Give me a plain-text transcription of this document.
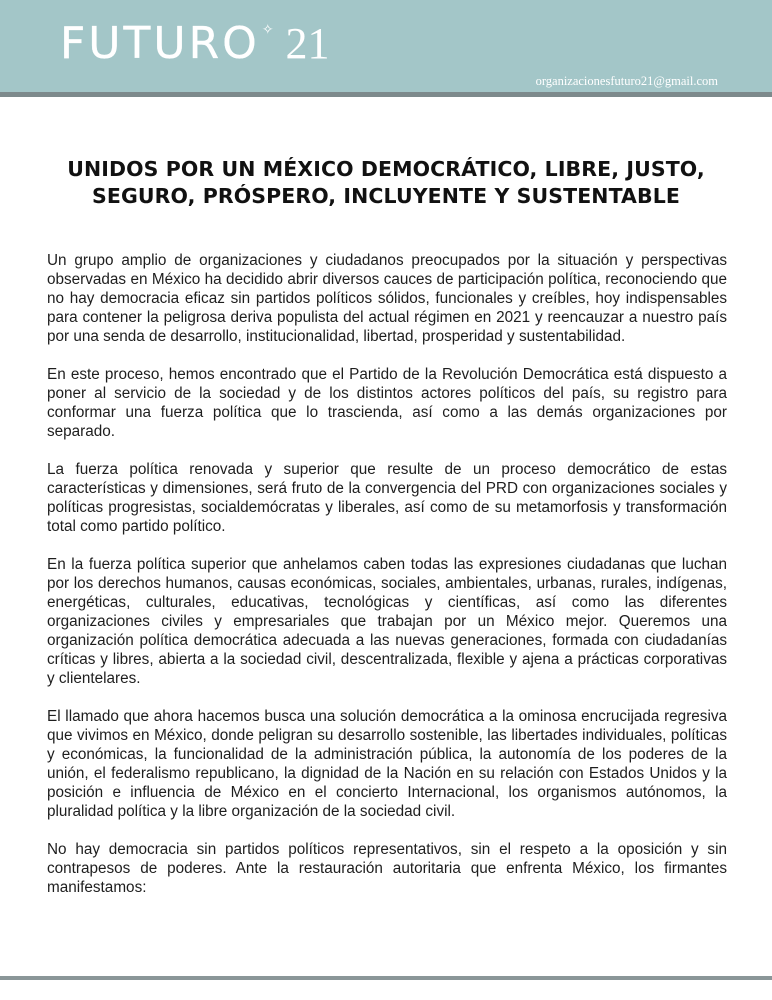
FUTURO ✧ 21
organizacionesfuturo21@gmail.com
UNIDOS POR UN MÉXICO DEMOCRÁTICO, LIBRE, JUSTO,
SEGURO, PRÓSPERO, INCLUYENTE Y SUSTENTABLE

Un grupo amplio de organizaciones y ciudadanos preocupados por la situación y perspectivas observadas en México ha decidido abrir diversos cauces de participación política, reconociendo que no hay democracia eficaz sin partidos políticos sólidos, funcionales y creíbles, hoy indispensables para contener la peligrosa deriva populista del actual régimen en 2021 y reencauzar a nuestro país por una senda de desarrollo, institucionalidad, libertad, prosperidad y sustentabilidad.

En este proceso, hemos encontrado que el Partido de la Revolución Democrática está dispuesto a poner al servicio de la sociedad y de los distintos actores políticos del país, su registro para conformar una fuerza política que lo trascienda, así como a las demás organizaciones por separado.

La fuerza política renovada y superior que resulte de un proceso democrático de estas características y dimensiones, será fruto de la convergencia del PRD con organizaciones sociales y políticas progresistas, socialdemócratas y liberales, así como de su metamorfosis y transformación total como partido político.

En la fuerza política superior que anhelamos caben todas las expresiones ciudadanas que luchan por los derechos humanos, causas económicas, sociales, ambientales, urbanas, rurales, indígenas, energéticas, culturales, educativas, tecnológicas y científicas, así como las diferentes organizaciones civiles y empresariales que trabajan por un México mejor. Queremos una organización política democrática adecuada a las nuevas generaciones, formada con ciudadanías críticas y libres, abierta a la sociedad civil, descentralizada, flexible y ajena a prácticas corporativas y clientelares.

El llamado que ahora hacemos busca una solución democrática a la ominosa encrucijada regresiva que vivimos en México, donde peligran su desarrollo sostenible, las libertades individuales, políticas y económicas, la funcionalidad de la administración pública, la autonomía de los poderes de la unión, el federalismo republicano, la dignidad de la Nación en su relación con Estados Unidos y la posición e influencia de México en el concierto Internacional, los organismos autónomos, la pluralidad política y la libre organización de la sociedad civil.

No hay democracia sin partidos políticos representativos, sin el respeto a la oposición y sin contrapesos de poderes. Ante la restauración autoritaria que enfrenta México, los firmantes manifestamos:
